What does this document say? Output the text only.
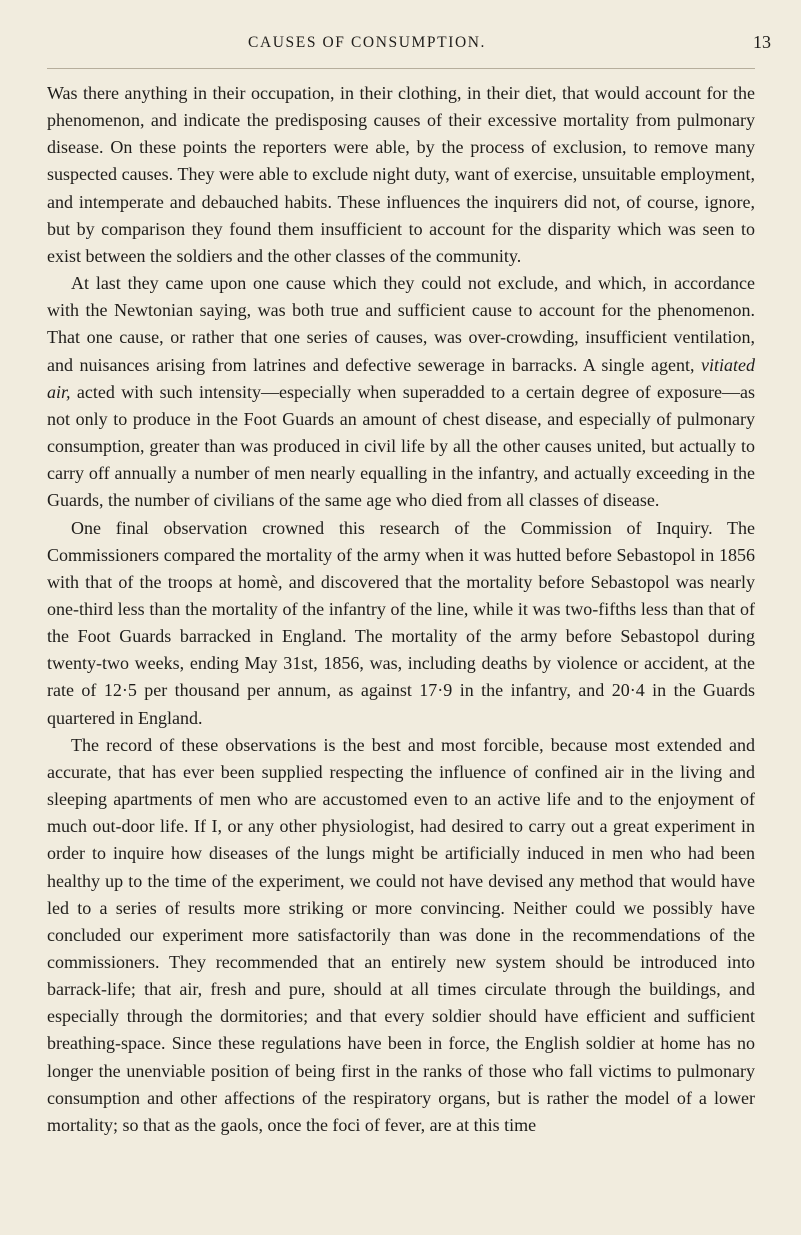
CAUSES OF CONSUMPTION.	13

Was there anything in their occupation, in their clothing, in their diet, that would account for the phenomenon, and indicate the predisposing causes of their excessive mortality from pulmonary disease. On these points the reporters were able, by the process of exclusion, to remove many suspected causes. They were able to exclude night duty, want of exercise, unsuitable employment, and intemperate and debauched habits. These influences the inquirers did not, of course, ignore, but by comparison they found them insufficient to account for the disparity which was seen to exist between the soldiers and the other classes of the community.

At last they came upon one cause which they could not exclude, and which, in accordance with the Newtonian saying, was both true and sufficient cause to account for the phenomenon. That one cause, or rather that one series of causes, was over-crowding, insufficient ventilation, and nuisances arising from latrines and defective sewerage in barracks. A single agent, vitiated air, acted with such intensity—especially when superadded to a certain degree of exposure—as not only to produce in the Foot Guards an amount of chest disease, and especially of pulmonary consumption, greater than was produced in civil life by all the other causes united, but actually to carry off annually a number of men nearly equalling in the infantry, and actually exceeding in the Guards, the number of civilians of the same age who died from all classes of disease.

One final observation crowned this research of the Commission of Inquiry. The Commissioners compared the mortality of the army when it was hutted before Sebastopol in 1856 with that of the troops at homè, and discovered that the mortality before Sebastopol was nearly one-third less than the mortality of the infantry of the line, while it was two-fifths less than that of the Foot Guards barracked in England. The mortality of the army before Sebastopol during twenty-two weeks, ending May 31st, 1856, was, including deaths by violence or accident, at the rate of 12·5 per thousand per annum, as against 17·9 in the infantry, and 20·4 in the Guards quartered in England.

The record of these observations is the best and most forcible, because most extended and accurate, that has ever been supplied respecting the influence of confined air in the living and sleeping apartments of men who are accustomed even to an active life and to the enjoyment of much out-door life. If I, or any other physiologist, had desired to carry out a great experiment in order to inquire how diseases of the lungs might be artificially induced in men who had been healthy up to the time of the experiment, we could not have devised any method that would have led to a series of results more striking or more convincing. Neither could we possibly have concluded our experiment more satisfactorily than was done in the recommendations of the commissioners. They recommended that an entirely new system should be introduced into barrack-life; that air, fresh and pure, should at all times circulate through the buildings, and especially through the dormitories; and that every soldier should have efficient and sufficient breathing-space. Since these regulations have been in force, the English soldier at home has no longer the unenviable position of being first in the ranks of those who fall victims to pulmonary consumption and other affections of the respiratory organs, but is rather the model of a lower mortality; so that as the gaols, once the foci of fever, are at this time
